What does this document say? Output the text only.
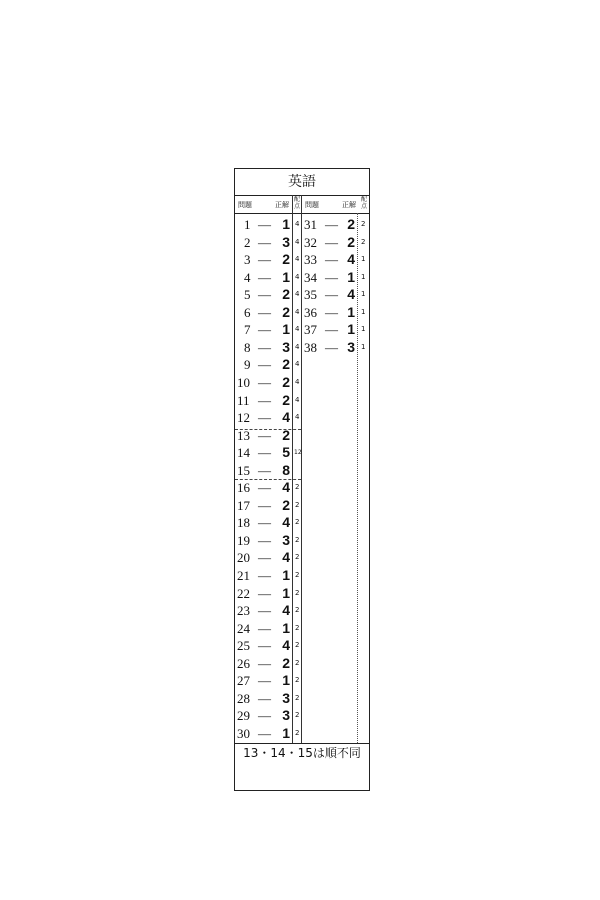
英語
問題	正解
配
点 問題	正解
配
点
1 — 1 4
2 — 3 4
3 — 2 4
4 — 1 4
5 — 2 4
6 — 2 4
7 — 1 4
8 — 3 4
9 — 2 4
10 — 2 4
11 — 2 4
12 — 4 4
13 — 2
14 — 5 12
15 — 8
16 — 4 2
17 — 2 2
18 — 4 2
19 — 3 2
20 — 4 2
21 — 1 2
22 — 1 2
23 — 4 2
24 — 1 2
25 — 4 2
26 — 2 2
27 — 1 2
28 — 3 2
29 — 3 2
30 — 1 2
31 — 2 2
32 — 2 2
33 — 4 1
34 — 1 1
35 — 4 1
36 — 1 1
37 — 1 1
38 — 3 1
13・14・15は順不同
